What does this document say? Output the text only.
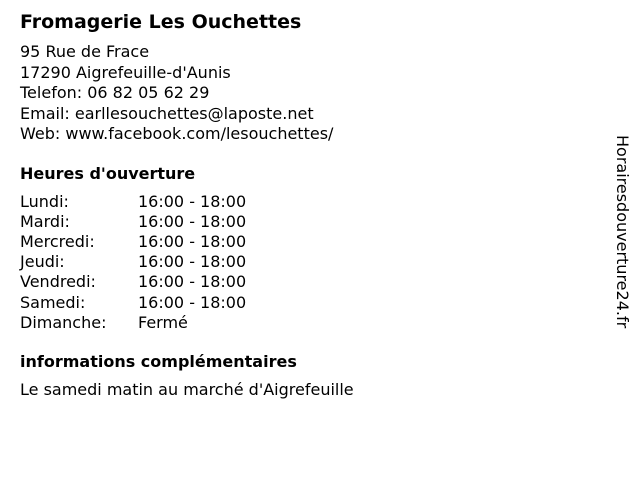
Fromagerie Les Ouchettes
95 Rue de Frace
17290 Aigrefeuille-d'Aunis
Telefon: 06 82 05 62 29
Email: earllesouchettes@laposte.net
Web: www.facebook.com/lesouchettes/
Heures d'ouverture
Lundi:	16:00 - 18:00
Mardi:	16:00 - 18:00
Mercredi:	16:00 - 18:00
Jeudi:	16:00 - 18:00
Vendredi:	16:00 - 18:00
Samedi:	16:00 - 18:00
Dimanche:	Fermé
informations complémentaires
Le samedi matin au marché d'Aigrefeuille
Horairesdouverture24.fr
